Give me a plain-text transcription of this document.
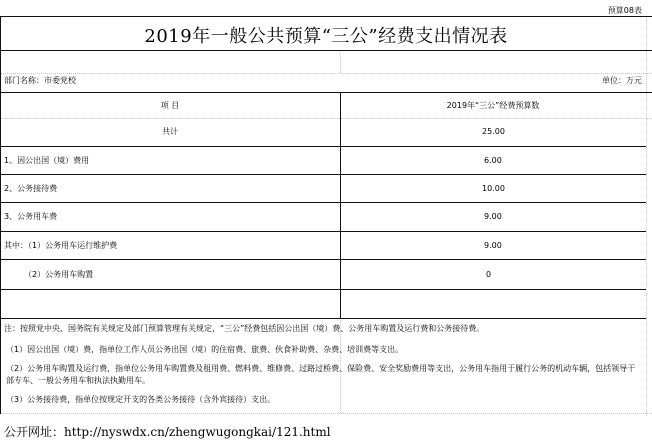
预算08表
2019年一般公共预算“三公”经费支出情况表
部门名称：市委党校	单位：万元
项 目	2019年“三公”经费预算数
共计	25.00
1、因公出国（境）费用	6.00
2、公务接待费	10.00
3、公务用车费	9.00
其中：（1）公务用车运行维护费	9.00
（2）公务用车购置	0
注：按照党中央、国务院有关规定及部门预算管理有关规定，“三公”经费包括因公出国（境）费、公务用车购置及运行费和公务接待费。
（1）因公出国（境）费，指单位工作人员公务出国（境）的住宿费、旅费、伙食补助费、杂费、培训费等支出。
（2）公务用车购置及运行费，指单位公务用车购置费及租用费、燃料费、维修费、过路过桥费、保险费、安全奖励费用等支出，公务用车指用于履行公务的机动车辆，包括领导干部专车、一般公务用车和执法执勤用车。
（3）公务接待费，指单位按规定开支的各类公务接待（含外宾接待）支出。
公开网址：http://nyswdx.cn/zhengwugongkai/121.html
